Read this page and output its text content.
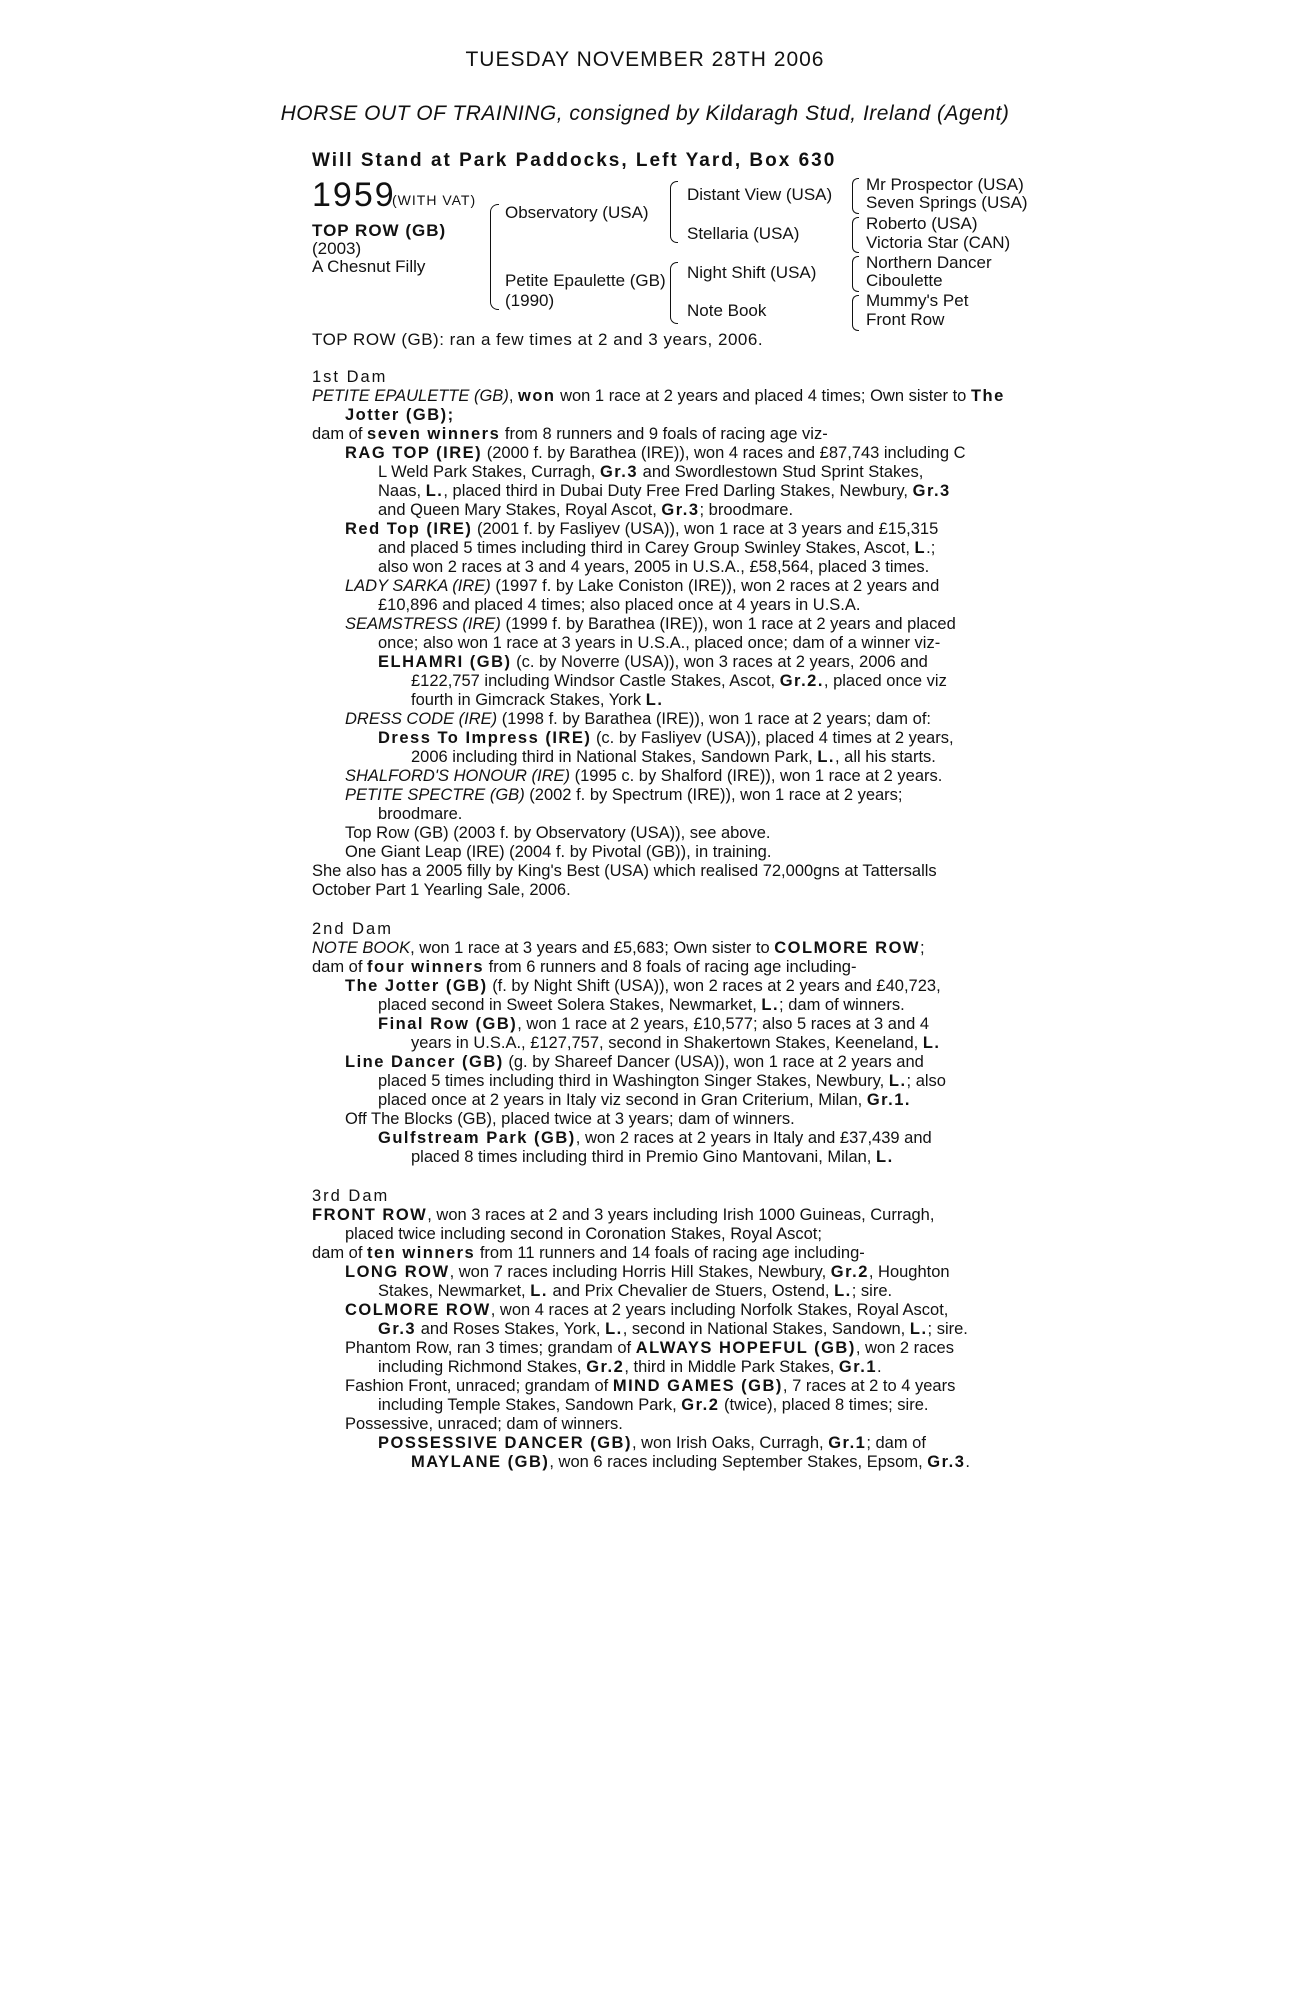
TUESDAY NOVEMBER 28TH 2006
HORSE OUT OF TRAINING, consigned by Kildaragh Stud, Ireland (Agent)
Will Stand at Park Paddocks, Left Yard, Box 630
1959
(WITH VAT)
TOP ROW (GB)
(2003)
A Chesnut Filly
Observatory (USA)
Petite Epaulette (GB)
(1990)
Distant View (USA)
Stellaria (USA)
Night Shift (USA)
Note Book
Mr Prospector (USA)
Seven Springs (USA)
Roberto (USA)
Victoria Star (CAN)
Northern Dancer
Ciboulette
Mummy's Pet
Front Row
TOP ROW (GB): ran a few times at 2 and 3 years, 2006.
1st Dam
PETITE EPAULETTE (GB), won won 1 race at 2 years and placed 4 times; Own sister to The
Jotter (GB);
dam of seven winners from 8 runners and 9 foals of racing age viz-
RAG TOP (IRE) (2000 f. by Barathea (IRE)), won 4 races and £87,743 including C
L Weld Park Stakes, Curragh, Gr.3 and Swordlestown Stud Sprint Stakes,
Naas, L., placed third in Dubai Duty Free Fred Darling Stakes, Newbury, Gr.3
and Queen Mary Stakes, Royal Ascot, Gr.3; broodmare.
Red Top (IRE) (2001 f. by Fasliyev (USA)), won 1 race at 3 years and £15,315
and placed 5 times including third in Carey Group Swinley Stakes, Ascot, L.;
also won 2 races at 3 and 4 years, 2005 in U.S.A., £58,564, placed 3 times.
LADY SARKA (IRE) (1997 f. by Lake Coniston (IRE)), won 2 races at 2 years and
£10,896 and placed 4 times; also placed once at 4 years in U.S.A.
SEAMSTRESS (IRE) (1999 f. by Barathea (IRE)), won 1 race at 2 years and placed
once; also won 1 race at 3 years in U.S.A., placed once; dam of a winner viz-
ELHAMRI (GB) (c. by Noverre (USA)), won 3 races at 2 years, 2006 and
£122,757 including Windsor Castle Stakes, Ascot, Gr.2., placed once viz
fourth in Gimcrack Stakes, York L.
DRESS CODE (IRE) (1998 f. by Barathea (IRE)), won 1 race at 2 years; dam of:
Dress To Impress (IRE) (c. by Fasliyev (USA)), placed 4 times at 2 years,
2006 including third in National Stakes, Sandown Park, L., all his starts.
SHALFORD'S HONOUR (IRE) (1995 c. by Shalford (IRE)), won 1 race at 2 years.
PETITE SPECTRE (GB) (2002 f. by Spectrum (IRE)), won 1 race at 2 years;
broodmare.
Top Row (GB) (2003 f. by Observatory (USA)), see above.
One Giant Leap (IRE) (2004 f. by Pivotal (GB)), in training.
She also has a 2005 filly by King's Best (USA) which realised 72,000gns at Tattersalls
October Part 1 Yearling Sale, 2006.
2nd Dam
NOTE BOOK, won 1 race at 3 years and £5,683; Own sister to COLMORE ROW;
dam of four winners from 6 runners and 8 foals of racing age including-
The Jotter (GB) (f. by Night Shift (USA)), won 2 races at 2 years and £40,723,
placed second in Sweet Solera Stakes, Newmarket, L.; dam of winners.
Final Row (GB), won 1 race at 2 years, £10,577; also 5 races at 3 and 4
years in U.S.A., £127,757, second in Shakertown Stakes, Keeneland, L.
Line Dancer (GB) (g. by Shareef Dancer (USA)), won 1 race at 2 years and
placed 5 times including third in Washington Singer Stakes, Newbury, L.; also
placed once at 2 years in Italy viz second in Gran Criterium, Milan, Gr.1.
Off The Blocks (GB), placed twice at 3 years; dam of winners.
Gulfstream Park (GB), won 2 races at 2 years in Italy and £37,439 and
placed 8 times including third in Premio Gino Mantovani, Milan, L.
3rd Dam
FRONT ROW, won 3 races at 2 and 3 years including Irish 1000 Guineas, Curragh,
placed twice including second in Coronation Stakes, Royal Ascot;
dam of ten winners from 11 runners and 14 foals of racing age including-
LONG ROW, won 7 races including Horris Hill Stakes, Newbury, Gr.2, Houghton
Stakes, Newmarket, L. and Prix Chevalier de Stuers, Ostend, L.; sire.
COLMORE ROW, won 4 races at 2 years including Norfolk Stakes, Royal Ascot,
Gr.3 and Roses Stakes, York, L., second in National Stakes, Sandown, L.; sire.
Phantom Row, ran 3 times; grandam of ALWAYS HOPEFUL (GB), won 2 races
including Richmond Stakes, Gr.2, third in Middle Park Stakes, Gr.1.
Fashion Front, unraced; grandam of MIND GAMES (GB), 7 races at 2 to 4 years
including Temple Stakes, Sandown Park, Gr.2 (twice), placed 8 times; sire.
Possessive, unraced; dam of winners.
POSSESSIVE DANCER (GB), won Irish Oaks, Curragh, Gr.1; dam of
MAYLANE (GB), won 6 races including September Stakes, Epsom, Gr.3.
